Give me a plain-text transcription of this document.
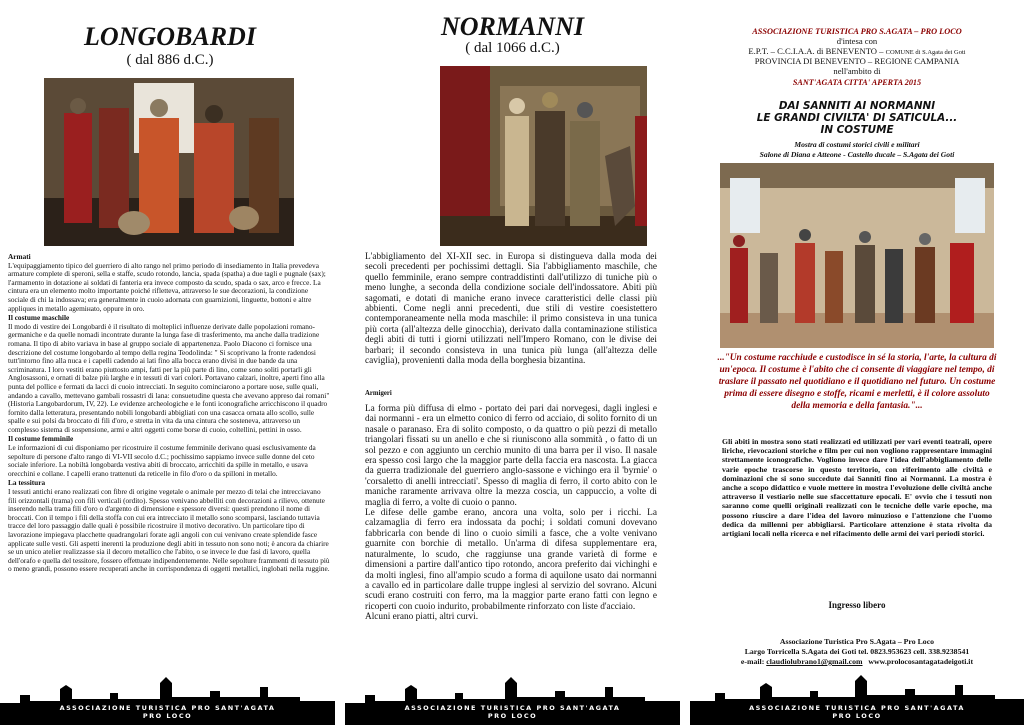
LONGOBARDI
( dal 886 d.C.)

Armati

L'equipaggiamento tipico del guerriero di alto rango nel primo periodo di insediamento in Italia prevedeva armature complete di speroni, sella e staffe, scudo rotondo, lancia, spada (spatha) a due tagli e pugnale (sax); l'armamento in dotazione ai soldati di fanteria era invece composto da scudo, spada o sax, arco e frecce. La cintura era un elemento molto importante poiché rifletteva, attraverso le sue decorazioni, la condizione sociale di chi la indossava; era generalmente in cuoio adornata con guarnizioni, linguette, bottoni e altre appliques in metallo agemінato, oppure in oro.

Il costume maschile

Il modo di vestire dei Longobardi è il risultato di molteplici influenze derivate dalle popolazioni romano-germaniche e da quelle nomadi incontrate durante la lunga fase di trasferimento, ma anche dalla tradizione romana. Il tipo di abito variava in base al gruppo sociale di appartenenza. Paolo Diacono ci fornisce una descrizione del costume longobardo al tempo della regina Teodolinda: " Si scoprivano la fronte radendosi tutt'intorno fino alla nuca e i capelli cadendo ai lati fino alla bocca erano divisi in due bande da una scriminatura. I loro vestiti erano piuttosto ampi, fatti per la più parte di lino, come sono soliti portarli gli Anglosassoni, e ornati di balze più larghe e in tessuti di vari colori. Portavano calzari, inoltre, aperti fino alla punta del pollice e fermati da lacci di cuoio intrecciati. In seguito cominciarono a portare uose, sulle quali, andando a cavallo, mettevano gambali rossastri di lana: consuetudine questa che avevano appreso dai romani" (Historia Langobardorum, IV, 22). Le evidenze archeologiche e le fonti iconografiche arricchiscono il quadro fornito dalla letteratura, presentando nobili longobardi abbigliati con una casacca ornata allo scollo, sulle spalle e sui polsi da broccato di fili d'oro, e stretta in vita da una cintura che sosteneva, attraverso un complesso sistema di sospensione, armi e altri oggetti come borse di cuoio, coltellini, pettini in osso.

Il costume femminile

Le informazioni di cui disponiamo per ricostruire il costume femminile derivano quasi esclusivamente da sepolture di persone d'alto rango di VI-VII secolo d.C.; pochissimo sappiamo invece sulle donne del ceto sociale inferiore. La nobiltà longobarda vestiva abiti di broccato, arricchiti da spille in metallo, e usava orecchini e collane. I capelli erano trattenuti da reticelle in filo d'oro o da spilloni in metallo.

La tessitura

I tessuti antichi erano realizzati con fibre di origine vegetale o animale per mezzo di telai che intrecciavano fili orizzontali (trama) con fili verticali (ordito). Spesso venivano abbelliti con decorazioni a rilievo, ottenute inserendo nella trama fili d'oro o d'argento di dimensione e spessore diversi: questi prendono il nome di broccati. Con il tempo i fili della stoffa con cui era intrecciato il metallo sono scomparsi, lasciando tuttavia tracce del loro passaggio dalle quali è possibile ricostruire il motivo decorativo. Un particolare tipo di lavorazione impiegava placchette quadrangolari forate agli angoli con cui venivano create splendide fasce applicate sulle vesti. Gli aspetti inerenti la produzione degli abiti in tessuto non sono noti; è ancora da chiarire se un unico atelier realizzasse sia il decoro metallico che l'abito, o se invece le due fasi di lavoro, quella dell'orafo e quella del tessitore, fossero effettuate indipendentemente. Nelle sepolture frammenti di tessuto più o meno grandi, possono essere recuperati anche in corrispondenza di oggetti metallici, inglobati nella ruggine.

ASSOCIAZIONE TURISTICA PRO SANT'AGATA
PRO LOCO
NORMANNI
( dal 1066 d.C.)

L'abbigliamento del XI-XII sec. in Europa si distingueva dalla moda dei secoli precedenti per pochissimi dettagli. Sia l'abbigliamento maschile, che quello femminile, erano sempre contraddistinti dall'utilizzo di tuniche più o meno lunghe, a seconda della condizione sociale dell'indossatore. Abiti più sagomati, e dotati di maniche erano invece caratteristici delle classi più abbienti. Come negli anni precedenti, due stili di vestire coesistettero contemporaneamente nella moda maschile: il primo consisteva in una tunica più corta (all'altezza delle ginocchia), derivato dalla contaminazione stilistica degli abiti di tutti i giorni utilizzati nell'Impero Romano, con le divise dei barbari; il secondo consisteva in una tunica più lunga (all'altezza delle caviglia), provenienti dalla moda della borghesia bizantina.

Armigeri

La forma più diffusa di elmo - portato dei pari dai norvegesi, dagli inglesi e dai normanni - era un elmetto conico di ferro od acciaio, di solito fornito di un nasale o paranaso. Era di solito composto, o da quattro o più pezzi di metallo triangolari fissati su un anello e che si riuniscono alla sommità , o fatto di un sol pezzo e con aggiunto un cerchio munito di una barra per il viso. Il nasale era spesso così largo che la maggior parte della faccia era nascosta. La giacca da guerra tradizionale del guerriero anglo-sassone e vichingo era il 'byrnie' o 'corsaletto di anelli intrecciati'. Spesso di maglia di ferro, il corto abito con le maniche raramente arrivava oltre la mezza coscia, un cappuccio, a volte di maglia di ferro, a volte di cuoio o panno.

Le difese delle gambe erano, ancora una volta, solo per i ricchi. La calzamaglia di ferro era indossata da pochi; i soldati comuni dovevano fabbricarla con bende di lino o cuoio simili a fasce, che a volte venivano guarnite con borchie di metallo. Un'arma di difesa supplementare era, naturalmente, lo scudo, che raggiunse una grande varietà di forme e dimensioni a partire dall'antico tipo rotondo, ancora preferito dai vichinghi e da molti inglesi, fino all'ampio scudo a forma di aquilone usato dai normanni a cavallo ed in particolare dalle truppe inglesi al servizio del sovrano. Alcuni scudi erano costruiti con ferro, ma la maggior parte erano fatti con legno e ricoperti con cuoio indurito, probabilmente rinforzato con liste d'acciaio.

Alcuni erano piatti, altri curvi.

ASSOCIAZIONE TURISTICA PRO SANT'AGATA
PRO LOCO
ASSOCIAZIONE TURISTICA PRO S.AGATA – PRO LOCO
d'intesa con
E.P.T. – C.C.I.A.A. di BENEVENTO – COMUNE di S.Agata dei Goti
PROVINCIA DI BENEVENTO – REGIONE CAMPANIA
nell'ambito di
SANT'AGATA CITTA' APERTA 2015
DAI SANNITI AI NORMANNI
LE GRANDI CIVILTA' DI SATICULA...
IN COSTUME
Mostra di costumi storici civili e militari
Salone di Diana e Atteone - Castello ducale – S.Agata dei Goti
..."Un costume racchiude e custodisce in sé la storia, l'arte, la cultura di un'epoca. Il costume è l'abito che ci consente di viaggiare nel tempo, di traslare il passato nel quotidiano e il quotidiano nel futuro. Un costume prima di essere disegno e stoffe, ricami e merletti, è il colore assoluto della memoria e della fantasia."...
Gli abiti in mostra sono stati realizzati ed utilizzati per vari eventi teatrali, opere liriche, rievocazioni storiche e film per cui non vogliono rappresentare immagini strettamente iconografiche. Vogliono invece dare l'idea dell'abbigliamento delle varie epoche trascorse in questo territorio, con riferimento alle civiltà e dominazioni che si sono succedute dai Sanniti fino ai Normanni. La mostra è anche a scopo didattico e vuole mettere in mostra l'evoluzione delle civiltà anche attraverso il vestiario nelle sue sfaccettature epocali. E' ovvio che i tessuti non saranno come quelli originali realizzati con le tecniche delle varie epoche, ma possono riuscire a dare l'idea del lavoro minuzioso e l'attenzione che l'uomo dedica da millenni per abbigliarsi. Particolare attenzione è stata rivolta da artigiani locali nella ricerca e nel rifacimento delle armi dei vari periodi storici.
Ingresso libero
Associazione Turistica Pro S.Agata – Pro Loco
Largo Torricella S.Agata dei Goti tel. 0823.953623 cell. 338.9238541
e-mail: claudiolubrano1@gmail.com www.prolocosantagatadeigoti.it
ASSOCIAZIONE TURISTICA PRO SANT'AGATA
PRO LOCO
